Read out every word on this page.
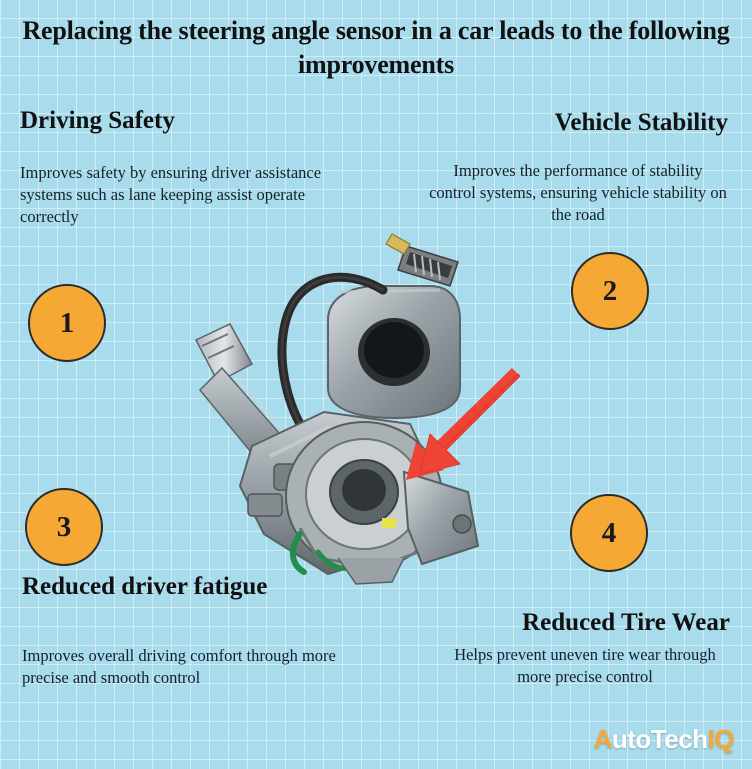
Replacing the steering angle sensor in a car leads to the following improvements
Driving Safety
Improves safety by ensuring driver assistance systems such as lane keeping assist operate correctly
Vehicle Stability
Improves the performance of stability control systems, ensuring vehicle stability on the road
Reduced driver fatigue
Improves overall driving comfort through more precise and smooth control
Reduced Tire Wear
Helps prevent uneven tire wear through more precise control
1
2
3	4
AutoTechIQ
